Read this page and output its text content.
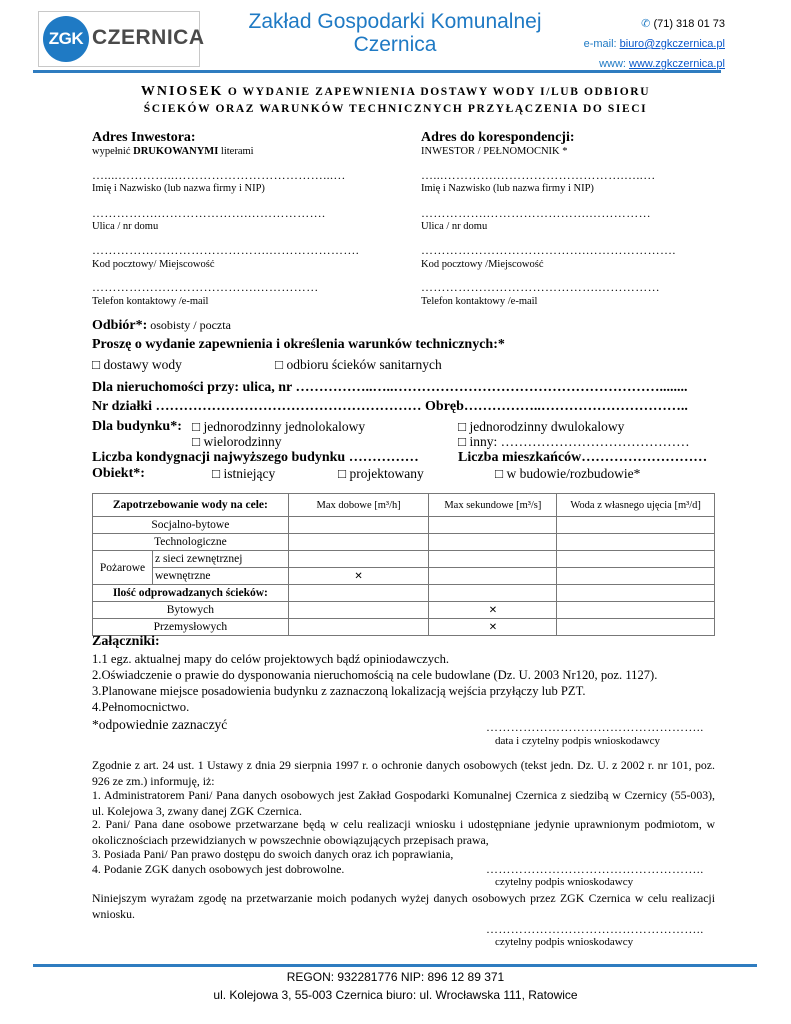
ZGK CZERNICA
Zakład Gospodarki Komunalnej
Czernica
✆ (71) 318 01 73
e-mail: biuro@zgkczernica.pl
www: www.zgkczernica.pl
WNIOSEK O WYDANIE ZAPEWNIENIA DOSTAWY WODY I/LUB ODBIORU
ŚCIEKÓW ORAZ WARUNKÓW TECHNICZNYCH PRZYŁĄCZENIA DO SIECI
Adres Inwestora:
wypełnić DRUKOWANYMI literami
…....…………..………………………………...…
Imię i Nazwisko (lub nazwa firmy i NIP)
…………….………………….……………….
Ulica / nr domu
…………………………………….………………….
Kod pocztowy/ Miejscowość
………………………………….……………
Telefon kontaktowy /e-mail
Adres do korespondencji:
INWESTOR / PEŁNOMOCNIK *
…...………….………………………….…..…
Imię i Nazwisko (lub nazwa firmy i NIP)
…………….…………………….……………
Ulica / nr domu
………………………………….………………….
Kod pocztowy /Miejscowość
…………………………………….……………
Telefon kontaktowy /e-mail
Odbiór*: osobisty / poczta
Proszę o wydanie zapewnienia i określenia warunków technicznych:*
□ dostawy wody	□ odbioru ścieków sanitarnych
Dla nieruchomości przy: ulica, nr ……………..…..…………………………………………………........
Nr działki ………………………………………………… Obręb……………..…………………………..
Dla budynku*: □ jednorodzinny jednolokalowy
□ wielorodzinny
□ jednorodzinny dwulokalowy
□ inny: ……………………………………
Liczba kondygnacji najwyższego budynku ……………	Liczba mieszkańców………………………
Obiekt*:	□ istniejący	□ projektowany	□ w budowie/rozbudowie*
Zapotrzebowanie wody na cele:		Max dobowe [m³/h]	Max sekundowe [m³/s]	Woda z własnego ujęcia [m³/d]
Socjalno-bytowe				
Technologiczne				
Pożarowe	z sieci zewnętrznej			
	wewnętrzne	✕		
Ilość odprowadzanych ścieków:				
Bytowych			✕	
Przemysłowych			✕	
Załączniki:
1.1 egz. aktualnej mapy do celów projektowych bądź opiniodawczych.
2.Oświadczenie o prawie do dysponowania nieruchomością na cele budowlane (Dz. U. 2003 Nr120, poz. 1127).
3.Planowane miejsce posadowienia budynku z zaznaczoną lokalizacją wejścia przyłączy lub PZT.
4.Pełnomocnictwo.
*odpowiednie zaznaczyć	……………………………………………..
data i czytelny podpis wnioskodawcy
Zgodnie z art. 24 ust. 1 Ustawy z dnia 29 sierpnia 1997 r. o ochronie danych osobowych (tekst jedn. Dz. U. z 2002 r. nr 101, poz. 926 ze zm.) informuję, iż:
1. Administratorem Pani/ Pana danych osobowych jest Zakład Gospodarki Komunalnej Czernica z siedzibą w Czernicy (55-003), ul. Kolejowa 3, zwany danej ZGK Czernica.
2. Pani/ Pana dane osobowe przetwarzane będą w celu realizacji wniosku i udostępniane jedynie uprawnionym podmiotom, w okolicznościach przewidzianych w powszechnie obowiązujących przepisach prawa,
3. Posiada Pani/ Pan prawo dostępu do swoich danych oraz ich poprawiania,
4. Podanie ZGK danych osobowych jest dobrowolne.	……………………………………………..
czytelny podpis wnioskodawcy
Niniejszym wyrażam zgodę na przetwarzanie moich podanych wyżej danych osobowych przez ZGK Czernica w celu realizacji wniosku.
……………………………………………..
czytelny podpis wnioskodawcy
REGON: 932281776 NIP: 896 12 89 371
ul. Kolejowa 3, 55-003 Czernica biuro: ul. Wrocławska 111, Ratowice
